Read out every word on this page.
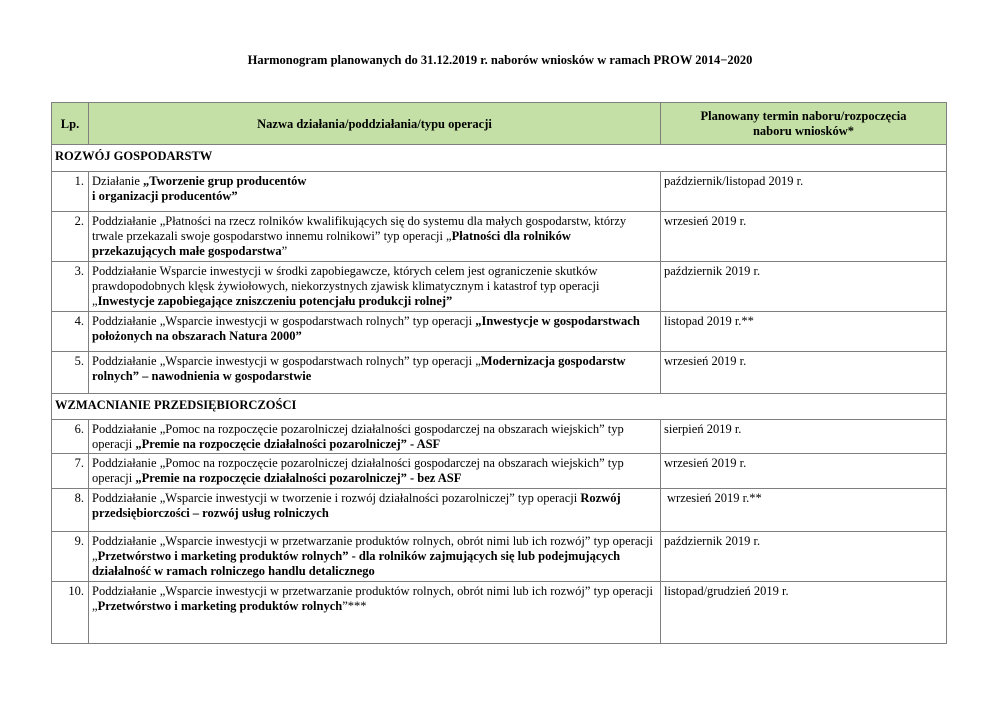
Harmonogram planowanych do 31.12.2019 r. naborów wniosków w ramach PROW 2014−2020
Lp.	Nazwa działania/poddziałania/typu operacji	Planowany termin naboru/rozpoczęcia naboru wniosków*
ROZWÓJ GOSPODARSTW		
1.	Działanie „Tworzenie grup producentów
i organizacji producentów”	październik/listopad 2019 r.
2.	Poddziałanie „Płatności na rzecz rolników kwalifikujących się do systemu dla małych gospodarstw, którzy trwale przekazali swoje gospodarstwo innemu rolnikowi” typ operacji „Płatności dla rolników przekazujących małe gospodarstwa”	wrzesień 2019 r.
3.	Poddziałanie Wsparcie inwestycji w środki zapobiegawcze, których celem jest ograniczenie skutków prawdopodobnych klęsk żywiołowych, niekorzystnych zjawisk klimatycznym i katastrof typ operacji „Inwestycje zapobiegające zniszczeniu potencjału produkcji rolnej”	październik 2019 r.
4.	Poddziałanie „Wsparcie inwestycji w gospodarstwach rolnych” typ operacji „Inwestycje w gospodarstwach położonych na obszarach Natura 2000”	listopad 2019 r.**
5.	Poddziałanie „Wsparcie inwestycji w gospodarstwach rolnych” typ operacji „Modernizacja gospodarstw rolnych” – nawodnienia w gospodarstwie	wrzesień 2019 r.
WZMACNIANIE PRZEDSIĘBIORCZOŚCI		
6.	Poddziałanie „Pomoc na rozpoczęcie pozarolniczej działalności gospodarczej na obszarach wiejskich” typ operacji „Premie na rozpoczęcie działalności pozarolniczej” - ASF	sierpień 2019 r.
7.	Poddziałanie „Pomoc na rozpoczęcie pozarolniczej działalności gospodarczej na obszarach wiejskich” typ operacji „Premie na rozpoczęcie działalności pozarolniczej” - bez ASF	wrzesień 2019 r.
8.	Poddziałanie „Wsparcie inwestycji w tworzenie i rozwój działalności pozarolniczej” typ operacji Rozwój przedsiębiorczości – rozwój usług rolniczych	wrzesień 2019 r.**
9.	Poddziałanie „Wsparcie inwestycji w przetwarzanie produktów rolnych, obrót nimi lub ich rozwój” typ operacji „Przetwórstwo i marketing produktów rolnych” - dla rolników zajmujących się lub podejmujących działalność w ramach rolniczego handlu detalicznego	październik 2019 r.
10.	Poddziałanie „Wsparcie inwestycji w przetwarzanie produktów rolnych, obrót nimi lub ich rozwój” typ operacji „Przetwórstwo i marketing produktów rolnych”***	listopad/grudzień 2019 r.
